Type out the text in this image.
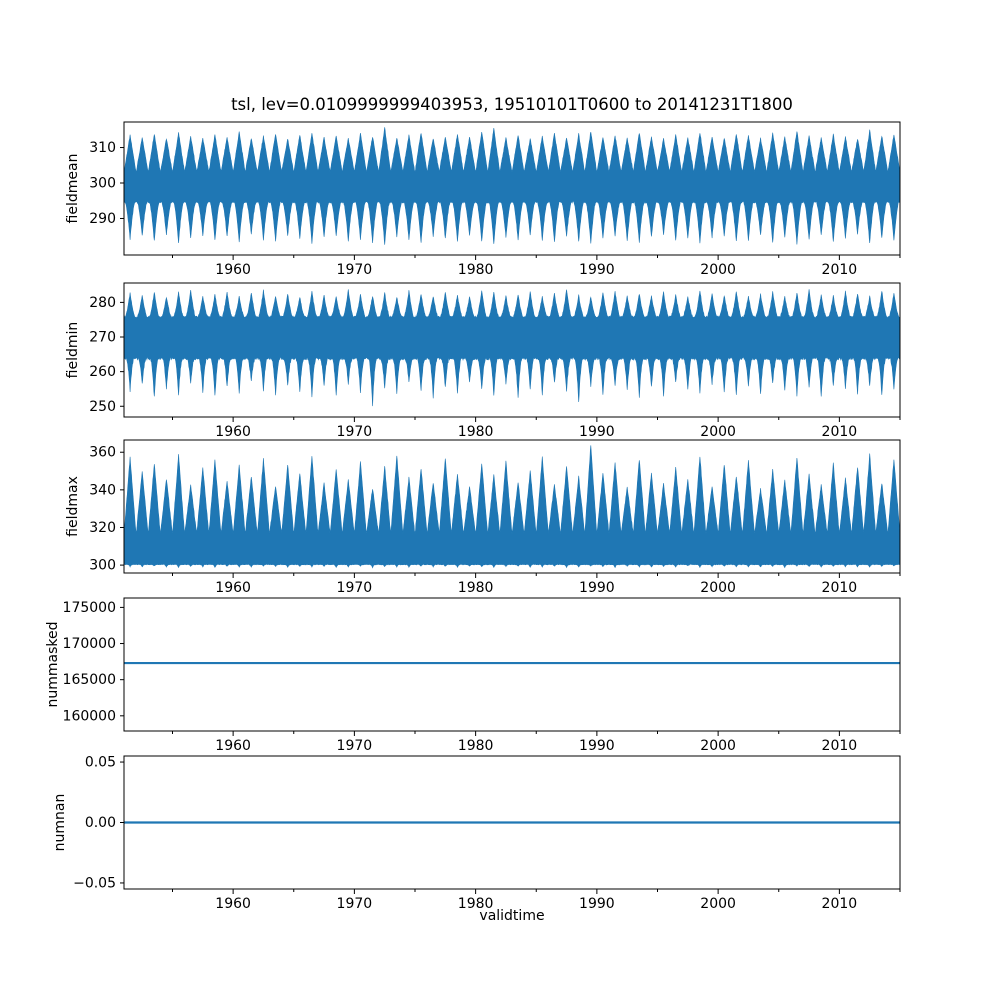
tsl, lev=0.0109999999403953, 19510101T0600 to 20141231T1800
290
300
310
1960	1970	1980	1990	2000	2010
fieldmean
250
260
270
280
1960	1970	1980	1990	2000	2010
fieldmin
300
320
340
360
1960	1970	1980	1990	2000	2010
fieldmax
160000
165000
170000
175000
1960	1970	1980	1990	2000	2010
nummasked
−0.05
0.00
0.05
1960	1970	1980	1990	2000	2010
numnan
validtime
